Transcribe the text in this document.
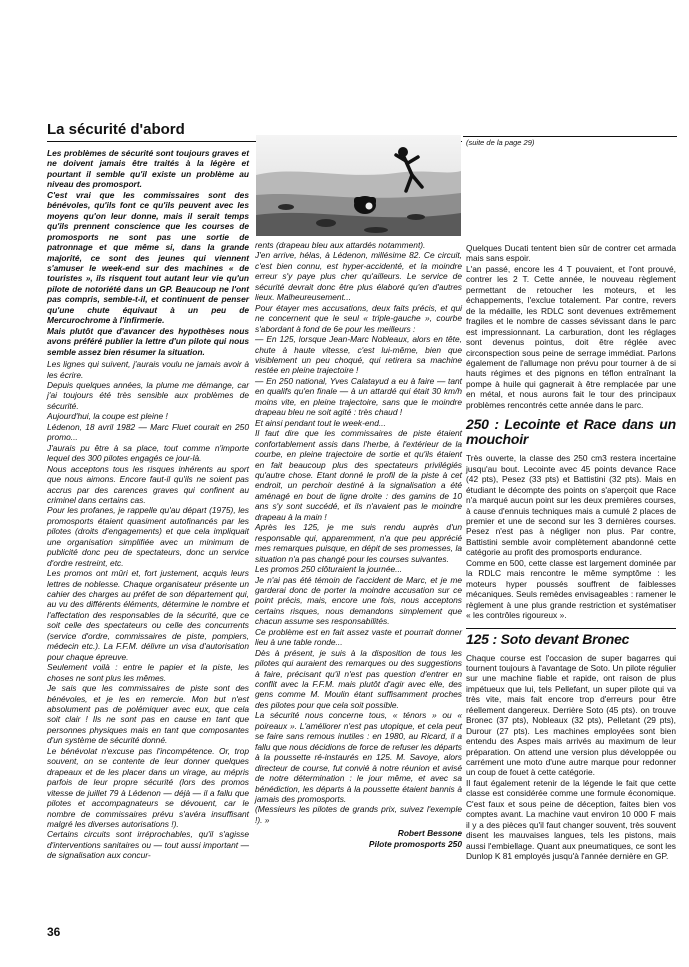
La sécurité d'abord
(suite de la page 29)

Les problèmes de sécurité sont toujours graves et ne doivent jamais être traités à la légère et pourtant il semble qu'il existe un problème au niveau des promosport.

C'est vrai que les commissaires sont des bénévoles, qu'ils font ce qu'ils peuvent avec les moyens qu'on leur donne, mais il serait temps qu'ils prennent conscience que les courses de promosports ne sont pas une sortie de patronnage et que même si, dans la grande majorité, ce sont des jeunes qui viennent s'amuser le week-end sur des machines « de touristes », ils risquent tout autant leur vie qu'un pilote de notoriété dans un GP. Beaucoup ne l'ont pas compris, semble-t-il, et continuent de penser qu'une chute équivaut à un peu de Mercurochrome à l'infirmerie.

Mais plutôt que d'avancer des hypothèses nous avons préféré publier la lettre d'un pilote qui nous semble assez bien résumer la situation.

Les lignes qui suivent, j'aurais voulu ne jamais avoir à les écrire.

Depuis quelques années, la plume me démange, car j'ai toujours été très sensible aux problèmes de sécurité.

Aujourd'hui, la coupe est pleine !

Lédenon, 18 avril 1982 — Marc Fluet courait en 250 promo...

J'aurais pu être à sa place, tout comme n'importe lequel des 300 pilotes engagés ce jour-là.

Nous acceptons tous les risques inhérents au sport que nous aimons. Encore faut-il qu'ils ne soient pas accrus par des carences graves qui confinent au criminel dans certains cas.

Pour les profanes, je rappelle qu'au départ (1975), les promosports étaient quasiment autofinancés par les pilotes (droits d'engagements) et que cela impliquait une organisation simplifiée avec un minimum de publicité donc peu de spectateurs, donc un service d'ordre restreint, etc.

Les promos ont mûri et, fort justement, acquis leurs lettres de noblesse. Chaque organisateur présente un cahier des charges au préfet de son département qui, au vu des différents éléments, détermine le nombre et l'affectation des responsables de la sécurité, que ce soit celle des spectateurs ou celle des concurrents (service d'ordre, commissaires de piste, pompiers, médecin etc.). La F.F.M. délivre un visa d'autorisation pour chaque épreuve.

Seulement voilà : entre le papier et la piste, les choses ne sont plus les mêmes.

Je sais que les commissaires de piste sont des bénévoles, et je les en remercie. Mon but n'est absolument pas de polémiquer avec eux, que cela soit clair ! Ils ne sont pas en cause en tant que personnes physiques mais en tant que composantes d'un système de sécurité donné.

Le bénévolat n'excuse pas l'incompétence. Or, trop souvent, on se contente de leur donner quelques drapeaux et de les placer dans un virage, au mépris parfois de leur propre sécurité (lors des promos vitesse de juillet 79 à Lédenon — déjà — il a fallu que pilotes et accompagnateurs se dévouent, car le nombre de commissaires prévu s'avéra insuffisant malgré les diverses autorisations !).

Certains circuits sont irréprochables, qu'il s'agisse d'interventions sanitaires ou — tout aussi important — de signalisation aux concur-

rents (drapeau bleu aux attardés notamment).

J'en arrive, hélas, à Lédenon, millésime 82. Ce circuit, c'est bien connu, est hyper-accidenté, et la moindre erreur s'y paye plus cher qu'ailleurs. Le service de sécurité devrait donc être plus élaboré qu'en d'autres lieux. Malheureusement...

Pour étayer mes accusations, deux faits précis, et qui ne concernent que le seul « triple-gauche », courbe s'abordant à fond de 6e pour les meilleurs :

— En 125, lorsque Jean-Marc Nobleaux, alors en tête, chute à haute vitesse, c'est lui-même, bien que visiblement un peu choqué, qui retirera sa machine restée en pleine trajectoire !

— En 250 national, Yves Calatayud a eu à faire — tant en qualifs qu'en finale — à un attardé qui était 30 km/h moins vite, en pleine trajectoire, sans que le moindre drapeau bleu ne soit agité : très chaud !

Et ainsi pendant tout le week-end...

Il faut dire que les commissaires de piste étaient confortablement assis dans l'herbe, à l'extérieur de la courbe, en pleine trajectoire de sortie et qu'ils étaient en fait beaucoup plus des spectateurs privilégiés qu'autre chose. Etant donné le profil de la piste à cet endroit, un perchoir destiné à la signalisation a été aménagé en bout de ligne droite : des gamins de 10 ans s'y sont succédé, et ils n'avaient pas le moindre drapeau à la main !

Après les 125, je me suis rendu auprès d'un responsable qui, apparemment, n'a que peu apprécié mes remarques puisque, en dépit de ses promesses, la situation n'a pas changé pour les courses suivantes.

Les promos 250 clôturaient la journée...

Je n'ai pas été témoin de l'accident de Marc, et je me garderai donc de porter la moindre accusation sur ce point précis, mais, encore une fois, nous acceptons certains risques, nous demandons simplement que chacun assume ses responsabilités.

Ce problème est en fait assez vaste et pourrait donner lieu à une table ronde...

Dès à présent, je suis à la disposition de tous les pilotes qui auraient des remarques ou des suggestions à faire, précisant qu'il n'est pas question d'entrer en conflit avec la F.F.M. mais plutôt d'agir avec elle, des gens comme M. Moulin étant suffisamment proches des pilotes pour que cela soit possible.

La sécurité nous concerne tous, « ténors » ou « poireaux ». L'améliorer n'est pas utopique, et cela peut se faire sans remous inutiles : en 1980, au Ricard, il a fallu que nous décidions de force de refuser les départs à la poussette ré-instaurés en 125. M. Savoye, alors directeur de course, fut convié à notre réunion et avisé de notre détermination : le jour même, et avec sa bénédiction, les départs à la poussette étaient bannis à jamais des promosports.

(Messieurs les pilotes de grands prix, suivez l'exemple !). »

Robert Bessone

Pilote promosports 250

Quelques Ducati tentent bien sûr de contrer cet armada mais sans espoir.

L'an passé, encore les 4 T pouvaient, et l'ont prouvé, contrer les 2 T. Cette année, le nouveau règlement permettant de retoucher les moteurs, et les échappements, l'exclue totalement. Par contre, revers de la médaille, les RDLC sont devenues extrêmement fragiles et le nombre de casses sévissant dans le parc est impressionnant. La carburation, dont les réglages sont devenus pointus, doit être réglée avec circonspection sous peine de serrage immédiat. Parlons également de l'allumage non prévu pour tourner à de si hauts régimes et des pignons en téflon entraînant la pompe à huile qui gagnerait à être remplacée par une en métal, et nous aurons fait le tour des principaux problèmes rencontrés cette année dans le parc.

250 : Lecointe et Race dans un mouchoir

Très ouverte, la classe des 250 cm3 restera incertaine jusqu'au bout. Lecointe avec 45 points devance Race (42 pts), Pesez (33 pts) et Battistini (32 pts). Mais en étudiant le décompte des points on s'aperçoit que Race n'a marqué aucun point sur les deux premières courses, à cause d'ennuis techniques mais a cumulé 2 places de premier et une de second sur les 3 dernières courses. Pesez n'est pas à négliger non plus. Par contre, Battistini semble avoir complètement abandonné cette catégorie au profit des promosports endurance.

Comme en 500, cette classe est largement dominée par la RDLC mais rencontre le même symptôme : les moteurs hyper poussés souffrent de faiblesses mécaniques. Seuls remèdes envisageables : ramener le règlement à une plus grande restriction et systématiser « les contrôles rigoureux ».

125 : Soto devant Bronec

Chaque course est l'occasion de super bagarres qui tournent toujours à l'avantage de Soto. Un pilote régulier sur une machine fiable et rapide, ont raison de plus impétueux que lui, tels Pellefant, un super pilote qui va très vite, mais fait encore trop d'erreurs pour être réellement dangereux. Derrière Soto (45 pts). on trouve Bronec (37 pts), Nobleaux (32 pts), Pelletant (29 pts), Durour (27 pts). Les machines employées sont bien entendu des Aspes mais arrivés au maximum de leur préparation. On attend une version plus développée ou carrément une moto d'une autre marque pour redonner un coup de fouet à cette catégorie.

Il faut également retenir de la légende le fait que cette classe est considérée comme une formule économique. C'est faux et sous peine de déception, faites bien vos comptes avant. La machine vaut environ 10 000 F mais il y a des pièces qu'il faut changer souvent, très souvent disent les mauvaises langues, tels les pistons, mais aussi l'embiellage. Quant aux pneumatiques, ce sont les Dunlop K 81 employés jusqu'à l'année dernière en GP.

36
